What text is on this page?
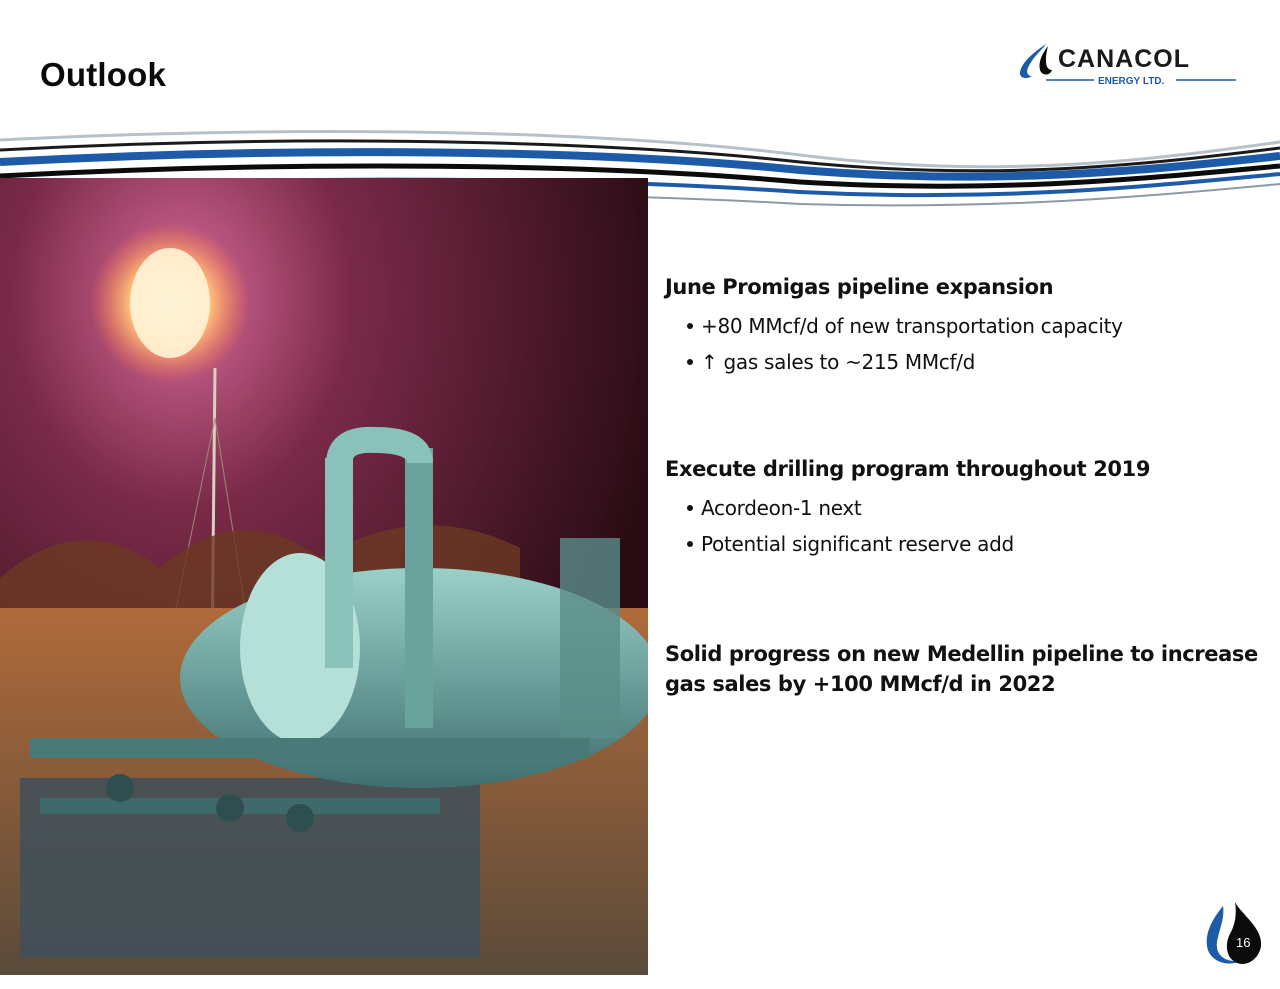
Outlook	CANACOL
ENERGY LTD.
June Promigas pipeline expansion
+80 MMcf/d of new transportation capacity
↑ gas sales to ~215 MMcf/d
Execute drilling program throughout 2019
Acordeon-1 next
Potential significant reserve add
Solid progress on new Medellin pipeline to increase
gas sales by +100 MMcf/d in 2022
16
